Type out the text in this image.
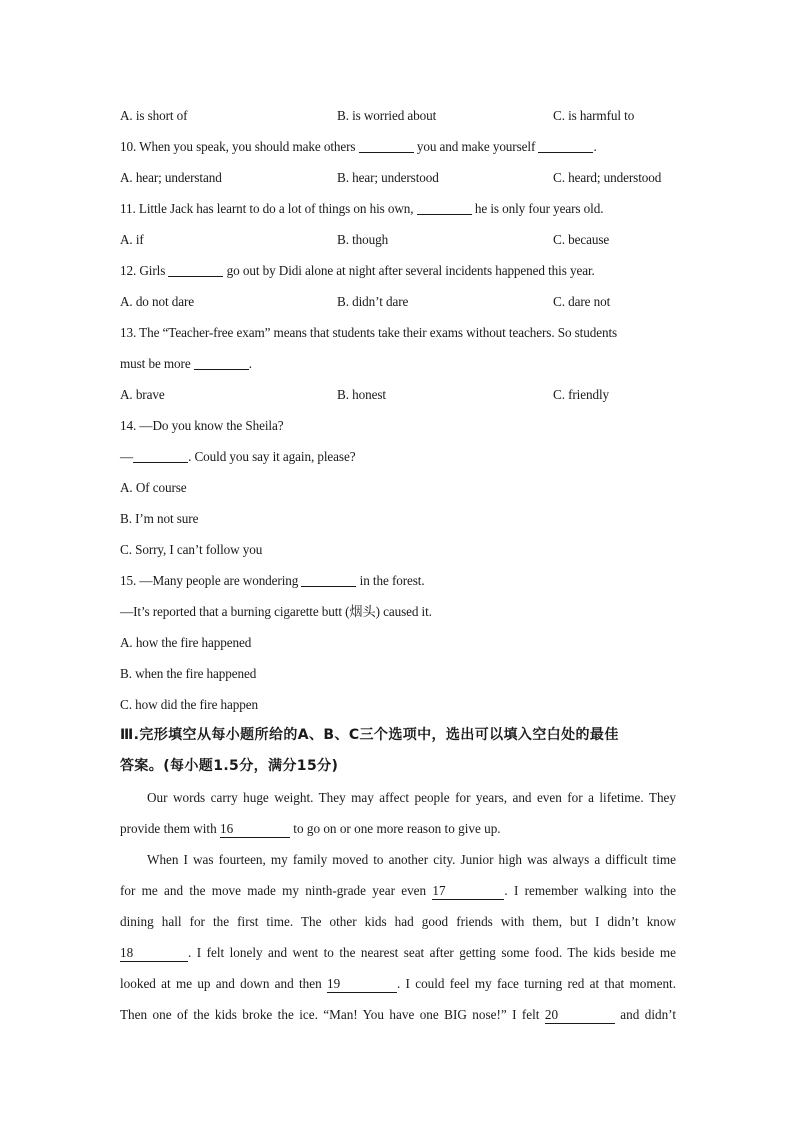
A. is short of	B. is worried about	C. is harmful to
10. When you speak, you should make others	you and make yourself	.
A. hear; understand	B. hear; understood	C. heard; understood
11. Little Jack has learnt to do a lot of things on his own,	he is only four years old.
A. if	B. though	C. because
12. Girls	go out by Didi alone at night after several incidents happened this year.
A. do not dare	B. didn’t dare	C. dare not
13. The “Teacher-free exam” means that students take their exams without teachers. So students
must be more	.
A. brave	B. honest	C. friendly
14. —Do you know the Sheila?
—	. Could you say it again, please?
A. Of course
B. I’m not sure
C. Sorry, I can’t follow you
15. —Many people are wondering	in the forest.
—It’s reported that a burning cigarette butt (烟头) caused it.
A. how the fire happened
B. when the fire happened
C. how did the fire happen
Ⅲ.完形填空从每小题所给的A、B、C三个选项中，选出可以填入空白处的最佳
答案。(每小题1.5分，满分15分)
Our words carry huge weight. They may affect people for years, and even for a lifetime. They
provide them with 16	to go on or one more reason to give up.
When I was fourteen, my family moved to another city. Junior high was always a difficult time
for me and the move made my ninth-grade year even 17	. I remember walking into the
dining hall for the first time. The other kids had good friends with them, but I didn’t know
18	. I felt lonely and went to the nearest seat after getting some food. The kids beside me
looked at me up and down and then 19	. I could feel my face turning red at that moment.
Then one of the kids broke the ice. “Man! You have one BIG nose!” I felt 20	and didn’t
